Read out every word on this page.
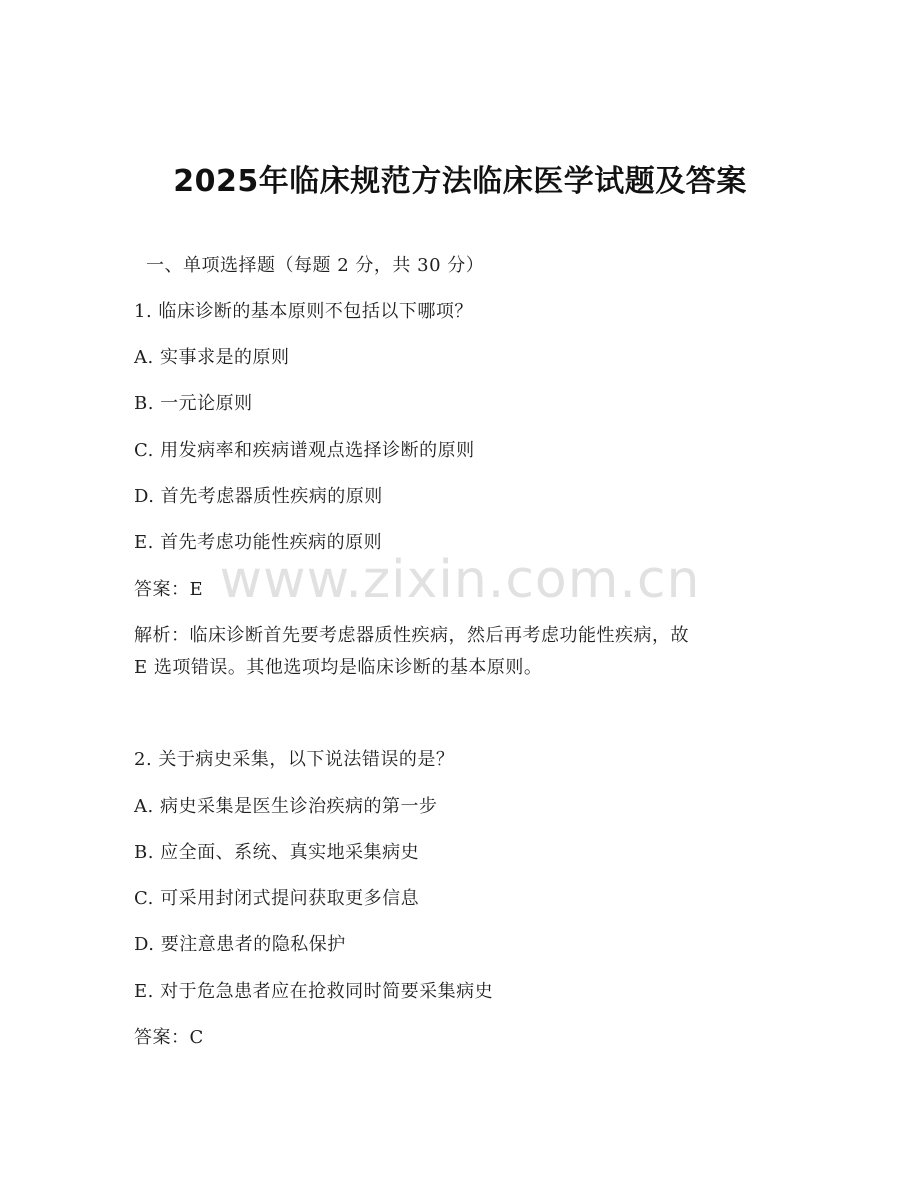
2025年临床规范方法临床医学试题及答案
一、单项选择题（每题 2 分，共 30 分）
1. 临床诊断的基本原则不包括以下哪项？
A. 实事求是的原则
B. 一元论原则
C. 用发病率和疾病谱观点选择诊断的原则
D. 首先考虑器质性疾病的原则
E. 首先考虑功能性疾病的原则
答案：E
解析：临床诊断首先要考虑器质性疾病，然后再考虑功能性疾病，故
E 选项错误。其他选项均是临床诊断的基本原则。
2. 关于病史采集，以下说法错误的是？
A. 病史采集是医生诊治疾病的第一步
B. 应全面、系统、真实地采集病史
C. 可采用封闭式提问获取更多信息
D. 要注意患者的隐私保护
E. 对于危急患者应在抢救同时简要采集病史
答案：C
www.zixin.com.cn
